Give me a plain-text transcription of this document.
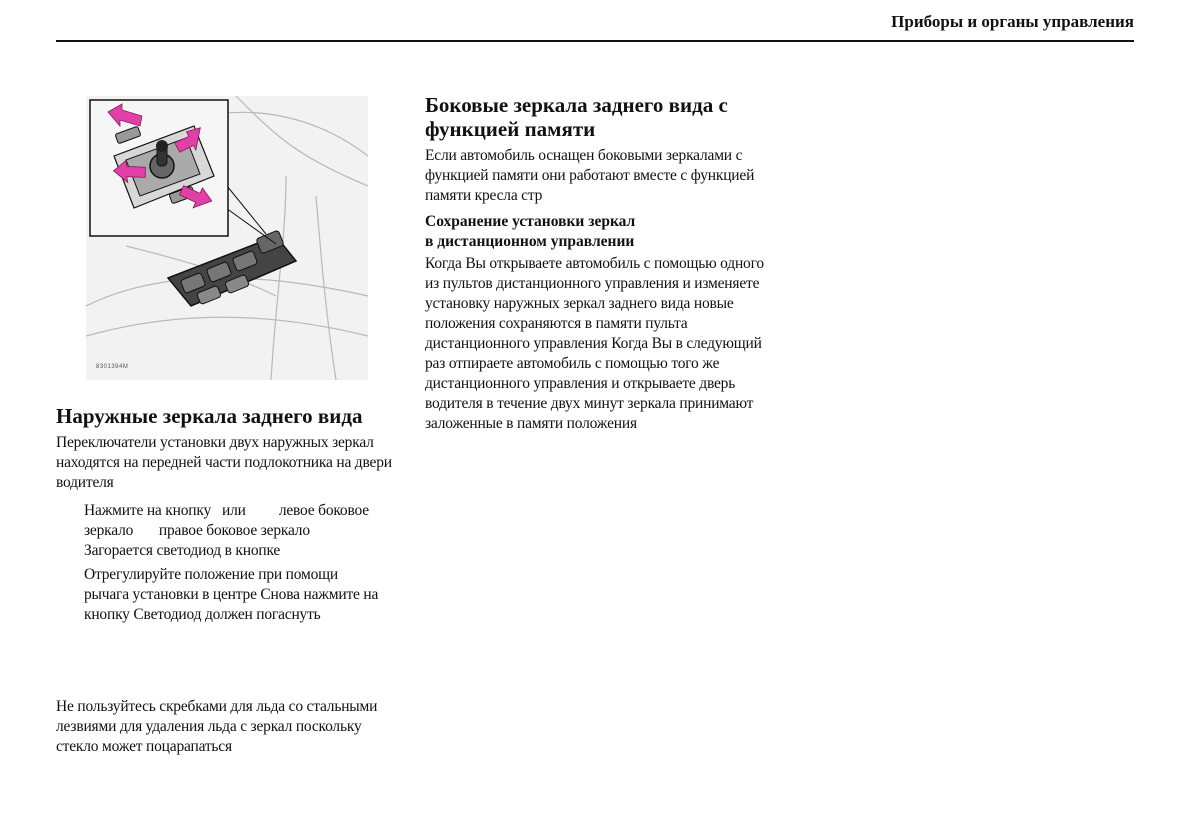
Приборы и органы управления
8301394M
Наружные зеркала заднего вида

Переключатели установки двух наружных зеркал находятся на передней части подлокотника на двери водителя

Нажмите на кнопку   или         левое боковое зеркало       правое боковое зеркало   Загорается светодиод в кнопке
Отрегулируйте положение при помощи рычага установки в центре Снова нажмите на кнопку Светодиод должен погаснуть

Не пользуйтесь скребками для льда со стальными лезвиями для удаления льда с зеркал поскольку стекло может поцарапаться

Боковые зеркала заднего вида с функцией памяти

Если автомобиль оснащен боковыми зеркалами с функцией памяти они работают вместе с функцией памяти кресла стр

Сохранение установки зеркал
в дистанционном управлении

Когда Вы открываете автомобиль с помощью одного из пультов дистанционного управления и изменяете установку наружных зеркал заднего вида новые положения сохраняются в памяти пульта дистанционного управления Когда Вы в следующий раз отпираете автомобиль с помощью того же дистанционного управления и открываете дверь водителя в течение двух минут зеркала принимают заложенные в памяти положения
